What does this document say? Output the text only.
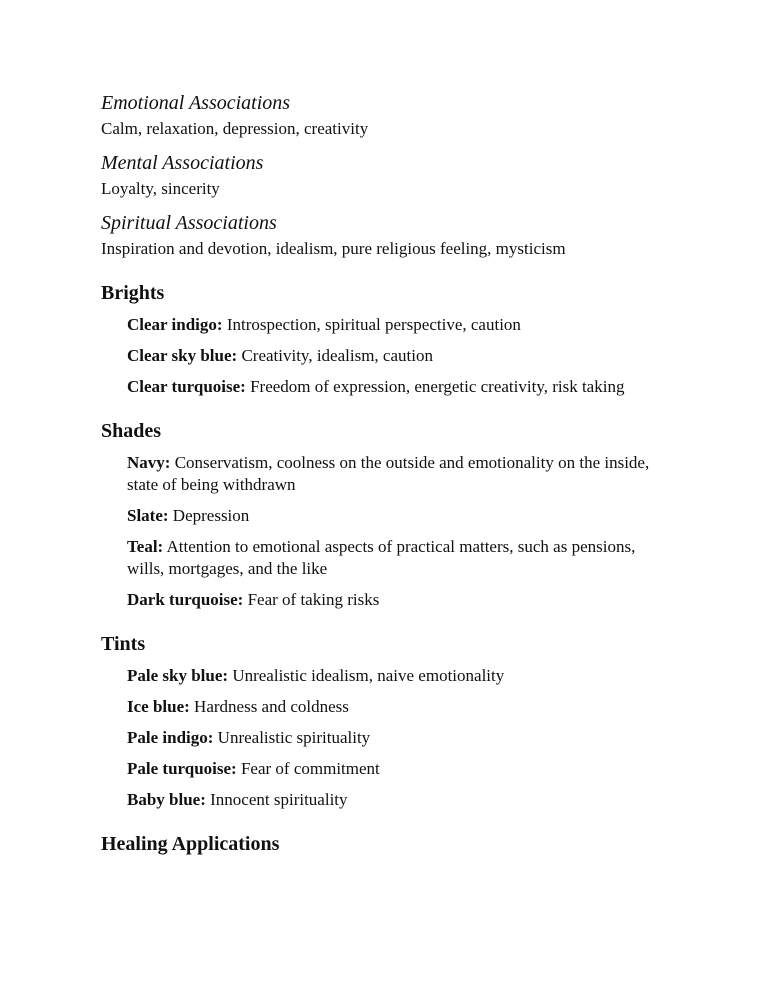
Emotional Associations
Calm, relaxation, depression, creativity
Mental Associations
Loyalty, sincerity
Spiritual Associations
Inspiration and devotion, idealism, pure religious feeling, mysticism
Brights
Clear indigo: Introspection, spiritual perspective, caution
Clear sky blue: Creativity, idealism, caution
Clear turquoise: Freedom of expression, energetic creativity, risk taking
Shades
Navy: Conservatism, coolness on the outside and emotionality on the inside, state of being withdrawn
Slate: Depression
Teal: Attention to emotional aspects of practical matters, such as pensions, wills, mortgages, and the like
Dark turquoise: Fear of taking risks
Tints
Pale sky blue: Unrealistic idealism, naive emotionality
Ice blue: Hardness and coldness
Pale indigo: Unrealistic spirituality
Pale turquoise: Fear of commitment
Baby blue: Innocent spirituality
Healing Applications
